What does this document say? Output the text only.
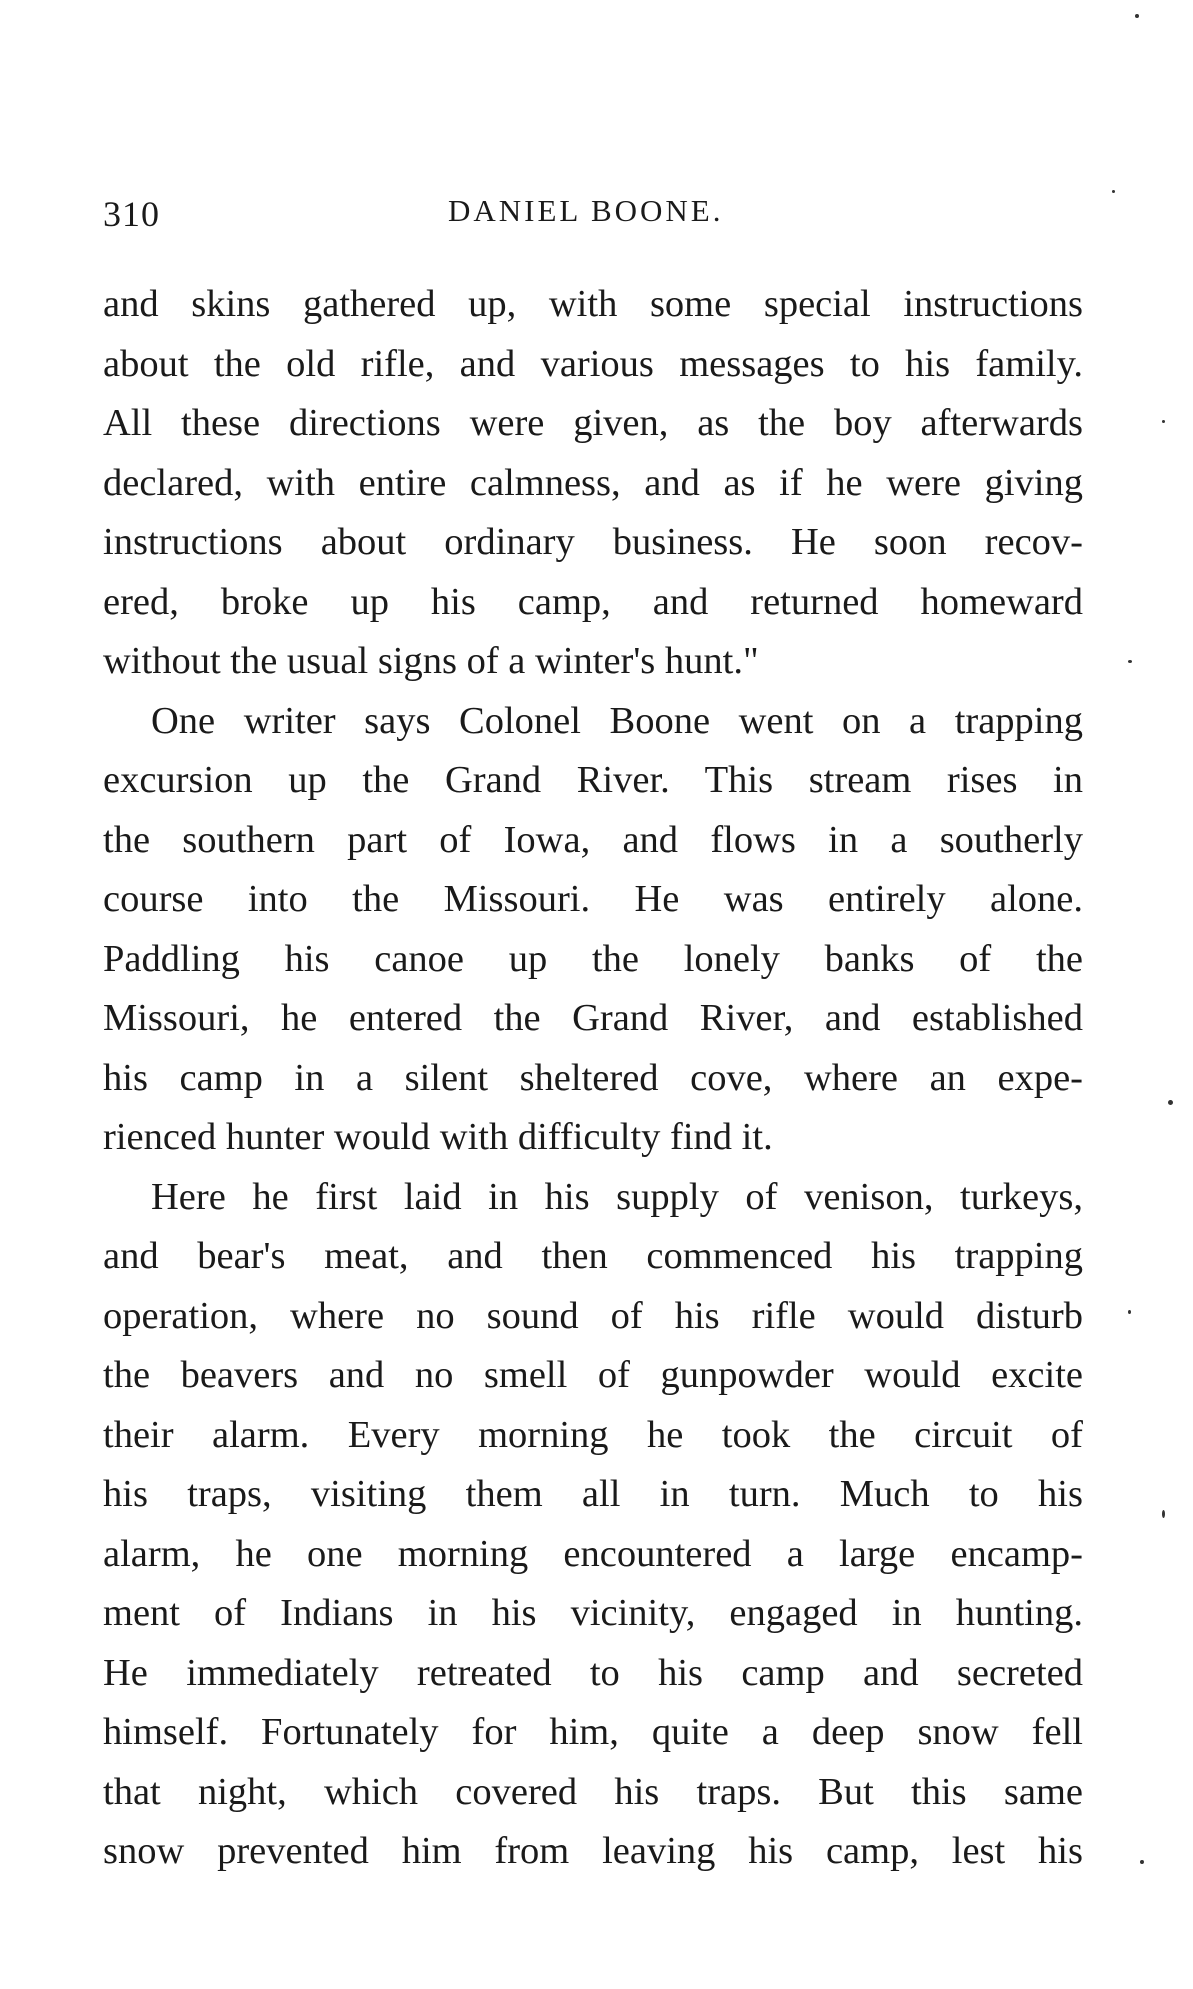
310	DANIEL BOONE.
and skins gathered up, with some special instructions
about the old rifle, and various messages to his family.
All these directions were given, as the boy afterwards
declared, with entire calmness, and as if he were giving
instructions about ordinary business. He soon recov-
ered, broke up his camp, and returned homeward
without the usual signs of a winter's hunt."
One writer says Colonel Boone went on a trapping
excursion up the Grand River. This stream rises in
the southern part of Iowa, and flows in a southerly
course into the Missouri. He was entirely alone.
Paddling his canoe up the lonely banks of the
Missouri, he entered the Grand River, and established
his camp in a silent sheltered cove, where an expe-
rienced hunter would with difficulty find it.
Here he first laid in his supply of venison, turkeys,
and bear's meat, and then commenced his trapping
operation, where no sound of his rifle would disturb
the beavers and no smell of gunpowder would excite
their alarm. Every morning he took the circuit of
his traps, visiting them all in turn. Much to his
alarm, he one morning encountered a large encamp-
ment of Indians in his vicinity, engaged in hunting.
He immediately retreated to his camp and secreted
himself. Fortunately for him, quite a deep snow fell
that night, which covered his traps. But this same
snow prevented him from leaving his camp, lest his
